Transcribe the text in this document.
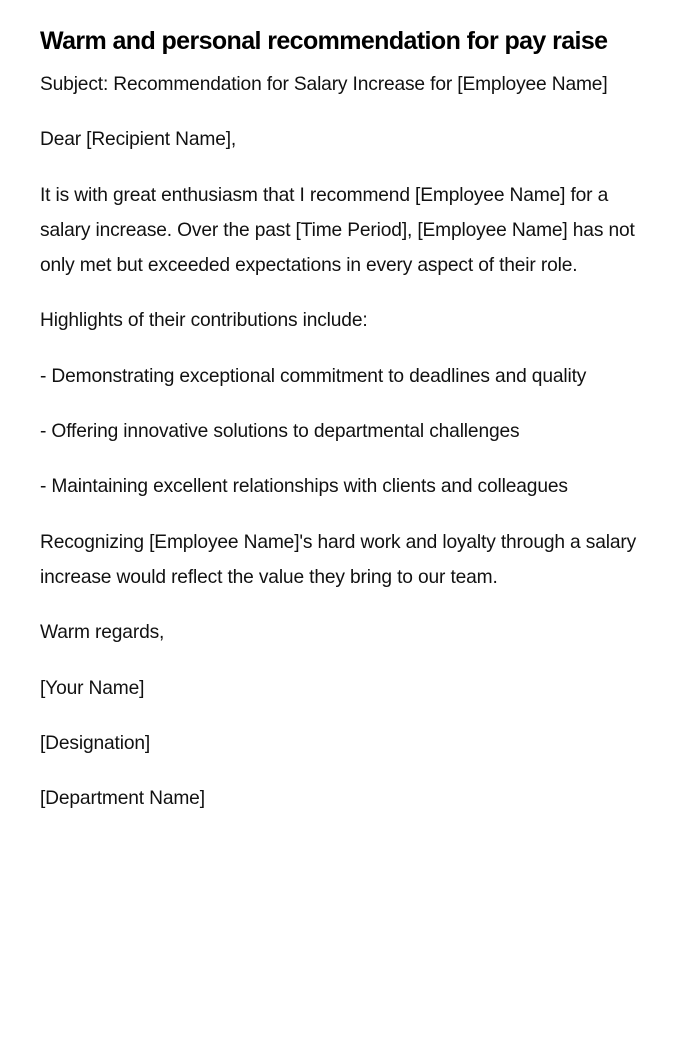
Warm and personal recommendation for pay raise

Subject: Recommendation for Salary Increase for [Employee Name]

Dear [Recipient Name],

It is with great enthusiasm that I recommend [Employee Name] for a salary increase. Over the past [Time Period], [Employee Name] has not only met but exceeded expectations in every aspect of their role.

Highlights of their contributions include:

- Demonstrating exceptional commitment to deadlines and quality

- Offering innovative solutions to departmental challenges

- Maintaining excellent relationships with clients and colleagues

Recognizing [Employee Name]'s hard work and loyalty through a salary increase would reflect the value they bring to our team.

Warm regards,

[Your Name]

[Designation]

[Department Name]
